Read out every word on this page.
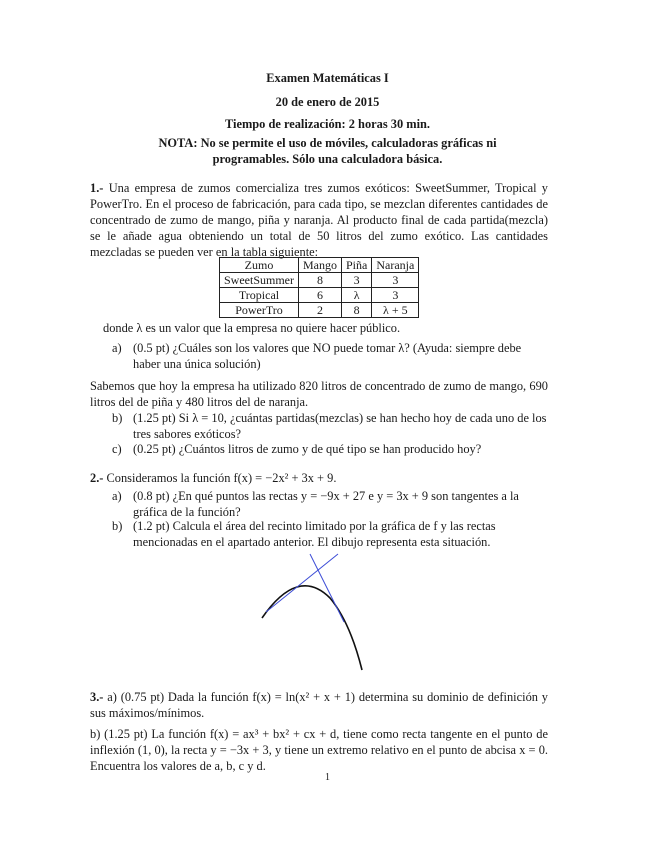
Examen Matemáticas I
20 de enero de 2015
Tiempo de realización: 2 horas 30 min.
NOTA: No se permite el uso de móviles, calculadoras gráficas ni
programables. Sólo una calculadora básica.
1.- Una empresa de zumos comercializa tres zumos exóticos: SweetSummer, Tropical y PowerTro. En el proceso de fabricación, para cada tipo, se mezclan diferentes cantidades de concentrado de zumo de mango, piña y naranja. Al producto final de cada partida(mezcla) se le añade agua obteniendo un total de 50 litros del zumo exótico. Las cantidades mezcladas se pueden ver en la tabla siguiente:
Zumo	Mango	Piña	Naranja
SweetSummer	8	3	3
Tropical	6	λ	3
PowerTro	2	8	λ + 5
donde λ es un valor que la empresa no quiere hacer público.
a) (0.5 pt) ¿Cuáles son los valores que NO puede tomar λ? (Ayuda: siempre debe haber una única solución)
Sabemos que hoy la empresa ha utilizado 820 litros de concentrado de zumo de mango, 690 litros del de piña y 480 litros del de naranja.
b) (1.25 pt) Si λ = 10, ¿cuántas partidas(mezclas) se han hecho hoy de cada uno de los tres sabores exóticos?
c) (0.25 pt) ¿Cuántos litros de zumo y de qué tipo se han producido hoy?
2.- Consideramos la función f(x) = −2x² + 3x + 9.
a) (0.8 pt) ¿En qué puntos las rectas y = −9x + 27 e y = 3x + 9 son tangentes a la gráfica de la función?
b) (1.2 pt) Calcula el área del recinto limitado por la gráfica de f y las rectas mencionadas en el apartado anterior. El dibujo representa esta situación.
3.- a) (0.75 pt) Dada la función f(x) = ln(x² + x + 1) determina su dominio de definición y sus máximos/mínimos.
b) (1.25 pt) La función f(x) = ax³ + bx² + cx + d, tiene como recta tangente en el punto de inflexión (1, 0), la recta y = −3x + 3, y tiene un extremo relativo en el punto de abcisa x = 0. Encuentra los valores de a, b, c y d.
1
